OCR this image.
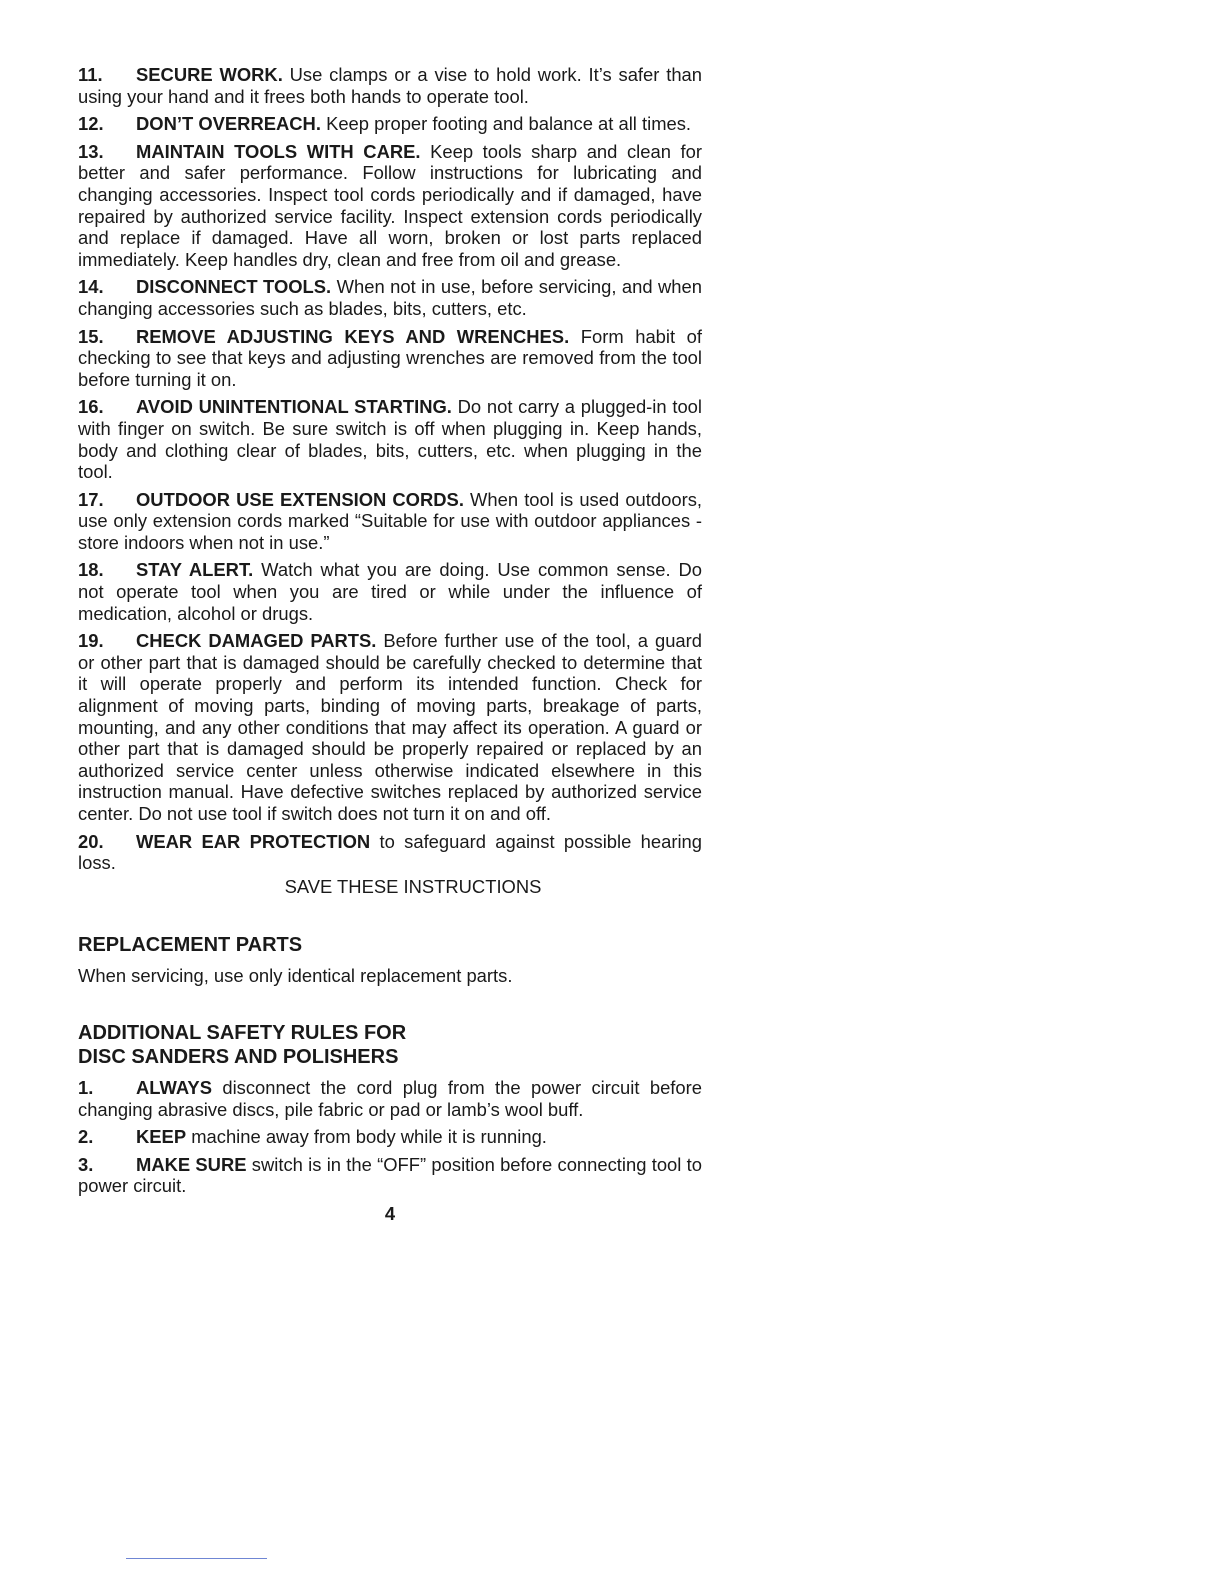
11. SECURE WORK. Use clamps or a vise to hold work. It’s safer than using your hand and it frees both hands to operate tool.
12. DON’T OVERREACH. Keep proper footing and balance at all times.
13. MAINTAIN TOOLS WITH CARE. Keep tools sharp and clean for better and safer performance. Follow instructions for lubricating and changing accessories. Inspect tool cords periodically and if damaged, have repaired by authorized service facility. Inspect extension cords periodically and replace if damaged. Have all worn, broken or lost parts replaced immediately. Keep handles dry, clean and free from oil and grease.
14. DISCONNECT TOOLS. When not in use, before servicing, and when changing accessories such as blades, bits, cutters, etc.
15. REMOVE ADJUSTING KEYS AND WRENCHES. Form habit of checking to see that keys and adjusting wrenches are removed from the tool before turning it on.
16. AVOID UNINTENTIONAL STARTING. Do not carry a plugged-in tool with finger on switch. Be sure switch is off when plugging in. Keep hands, body and clothing clear of blades, bits, cutters, etc. when plugging in the tool.
17. OUTDOOR USE EXTENSION CORDS. When tool is used outdoors, use only extension cords marked “Suitable for use with outdoor appliances - store indoors when not in use.”
18. STAY ALERT. Watch what you are doing. Use common sense. Do not operate tool when you are tired or while under the influence of medication, alcohol or drugs.
19. CHECK DAMAGED PARTS. Before further use of the tool, a guard or other part that is damaged should be carefully checked to determine that it will operate properly and perform its intended function. Check for alignment of moving parts, binding of moving parts, breakage of parts, mounting, and any other conditions that may affect its operation. A guard or other part that is damaged should be properly repaired or replaced by an authorized service center unless otherwise indicated elsewhere in this instruction manual. Have defective switches replaced by authorized service center. Do not use tool if switch does not turn it on and off.
20. WEAR EAR PROTECTION to safeguard against possible hearing loss.
SAVE THESE INSTRUCTIONS
REPLACEMENT PARTS
When servicing, use only identical replacement parts.
ADDITIONAL SAFETY RULES FOR
DISC SANDERS AND POLISHERS
1. ALWAYS disconnect the cord plug from the power circuit before changing abrasive discs, pile fabric or pad or lamb’s wool buff.
2. KEEP machine away from body while it is running.
3. MAKE SURE switch is in the “OFF” position before connecting tool to power circuit.
4
